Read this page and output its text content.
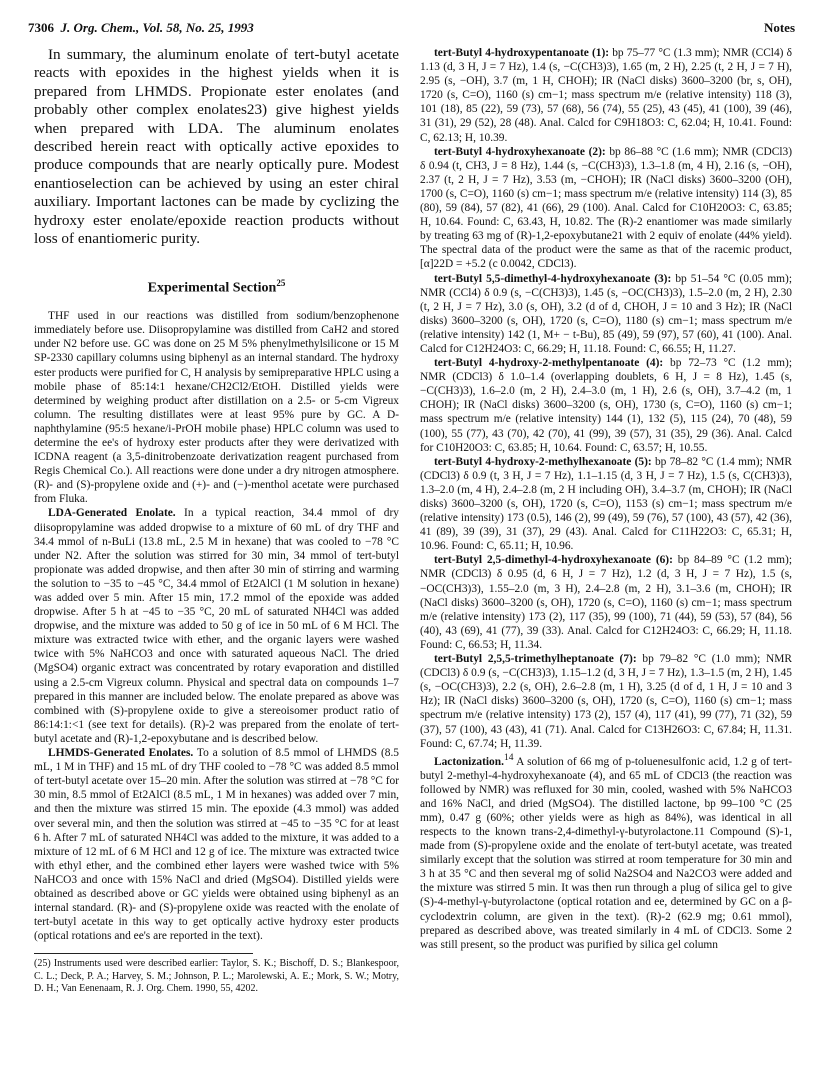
7306 J. Org. Chem., Vol. 58, No. 25, 1993	Notes

In summary, the aluminum enolate of tert-butyl acetate reacts with epoxides in the highest yields when it is prepared from LHMDS. Propionate ester enolates (and probably other complex enolates23) give highest yields when prepared with LDA. The aluminum enolates described herein react with optically active epoxides to produce compounds that are nearly optically pure. Modest enantioselection can be achieved by using an ester chiral auxiliary. Important lactones can be made by cyclizing the hydroxy ester enolate/epoxide reaction products without loss of enantiomeric purity.

Experimental Section$^{25}$

THF used in our reactions was distilled from sodium/benzophenone immediately before use. Diisopropylamine was distilled from CaH2 and stored under N2 before use. GC was done on 25 M 5% phenylmethylsilicone or 15 M SP-2330 capillary columns using biphenyl as an internal standard. The hydroxy ester products were purified for C, H analysis by semipreparative HPLC using a mobile phase of 85:14:1 hexane/CH2Cl2/EtOH. Distilled yields were determined by weighing product after distillation on a 2.5- or 5-cm Vigreux column. The resulting distillates were at least 95% pure by GC. A D-naphthylamine (95:5 hexane/i-PrOH mobile phase) HPLC column was used to determine the ee's of hydroxy ester products after they were derivatized with ICDNA reagent (a 3,5-dinitrobenzoate derivatization reagent purchased from Regis Chemical Co.). All reactions were done under a dry nitrogen atmosphere. (R)- and (S)-propylene oxide and (+)- and (−)-menthol acetate were purchased from Fluka.

LDA-Generated Enolate. In a typical reaction, 34.4 mmol of dry diisopropylamine was added dropwise to a mixture of 60 mL of dry THF and 34.4 mmol of n-BuLi (13.8 mL, 2.5 M in hexane) that was cooled to −78 °C under N2. After the solution was stirred for 30 min, 34 mmol of tert-butyl propionate was added dropwise, and then after 30 min of stirring and warming the solution to −35 to −45 °C, 34.4 mmol of Et2AlCl (1 M solution in hexane) was added over 5 min. After 15 min, 17.2 mmol of the epoxide was added dropwise. After 5 h at −45 to −35 °C, 20 mL of saturated NH4Cl was added dropwise, and the mixture was added to 50 g of ice in 50 mL of 6 M HCl. The mixture was extracted twice with ether, and the organic layers were washed twice with 5% NaHCO3 and once with saturated aqueous NaCl. The dried (MgSO4) organic extract was concentrated by rotary evaporation and distilled using a 2.5-cm Vigreux column. Physical and spectral data on compounds 1–7 prepared in this manner are included below. The enolate prepared as above was combined with (S)-propylene oxide to give a stereoisomer product ratio of 86:14:1:<1 (see text for details). (R)-2 was prepared from the enolate of tert-butyl acetate and (R)-1,2-epoxybutane and is described below.

LHMDS-Generated Enolates. To a solution of 8.5 mmol of LHMDS (8.5 mL, 1 M in THF) and 15 mL of dry THF cooled to −78 °C was added 8.5 mmol of tert-butyl acetate over 15–20 min. After the solution was stirred at −78 °C for 30 min, 8.5 mmol of Et2AlCl (8.5 mL, 1 M in hexanes) was added over 7 min, and then the mixture was stirred 15 min. The epoxide (4.3 mmol) was added over several min, and then the solution was stirred at −45 to −35 °C for at least 6 h. After 7 mL of saturated NH4Cl was added to the mixture, it was added to a mixture of 12 mL of 6 M HCl and 12 g of ice. The mixture was extracted twice with ethyl ether, and the combined ether layers were washed twice with 5% NaHCO3 and once with 15% NaCl and dried (MgSO4). Distilled yields were obtained as described above or GC yields were obtained using biphenyl as an internal standard. (R)- and (S)-propylene oxide was reacted with the enolate of tert-butyl acetate in this way to get optically active hydroxy ester products (optical rotations and ee's are reported in the text).

(25) Instruments used were described earlier: Taylor, S. K.; Bischoff, D. S.; Blankespoor, C. L.; Deck, P. A.; Harvey, S. M.; Johnson, P. L.; Marolewski, A. E.; Mork, S. W.; Motry, D. H.; Van Eenenaam, R. J. Org. Chem. 1990, 55, 4202.

tert-Butyl 4-hydroxypentanoate (1): bp 75–77 °C (1.3 mm); NMR (CCl4) δ 1.13 (d, 3 H, J = 7 Hz), 1.4 (s, −C(CH3)3), 1.65 (m, 2 H), 2.25 (t, 2 H, J = 7 H), 2.95 (s, −OH), 3.7 (m, 1 H, CHOH); IR (NaCl disks) 3600–3200 (br, s, OH), 1720 (s, C=O), 1160 (s) cm−1; mass spectrum m/e (relative intensity) 118 (3), 101 (18), 85 (22), 59 (73), 57 (68), 56 (74), 55 (25), 43 (45), 41 (100), 39 (46), 31 (31), 29 (52), 28 (48). Anal. Calcd for C9H18O3: C, 62.04; H, 10.41. Found: C, 62.13; H, 10.39.

tert-Butyl 4-hydroxyhexanoate (2): bp 86–88 °C (1.6 mm); NMR (CDCl3) δ 0.94 (t, CH3, J = 8 Hz), 1.44 (s, −C(CH3)3), 1.3–1.8 (m, 4 H), 2.16 (s, −OH), 2.37 (t, 2 H, J = 7 Hz), 3.53 (m, −CHOH); IR (NaCl disks) 3600–3200 (OH), 1700 (s, C=O), 1160 (s) cm−1; mass spectrum m/e (relative intensity) 114 (3), 85 (80), 59 (84), 57 (82), 41 (66), 29 (100). Anal. Calcd for C10H20O3: C, 63.85; H, 10.64. Found: C, 63.43, H, 10.82. The (R)-2 enantiomer was made similarly by treating 63 mg of (R)-1,2-epoxybutane21 with 2 equiv of enolate (44% yield). The spectral data of the product were the same as that of the racemic product, [α]22D = +5.2 (c 0.0042, CDCl3).

tert-Butyl 5,5-dimethyl-4-hydroxyhexanoate (3): bp 51–54 °C (0.05 mm); NMR (CCl4) δ 0.9 (s, −C(CH3)3), 1.45 (s, −OC(CH3)3), 1.5–2.0 (m, 2 H), 2.30 (t, 2 H, J = 7 Hz), 3.0 (s, OH), 3.2 (d of d, CHOH, J = 10 and 3 Hz); IR (NaCl disks) 3600–3200 (s, OH), 1720 (s, C=O), 1180 (s) cm−1; mass spectrum m/e (relative intensity) 142 (1, M+ − t-Bu), 85 (49), 59 (97), 57 (60), 41 (100). Anal. Calcd for C12H24O3: C, 66.29; H, 11.18. Found: C, 66.55; H, 11.27.

tert-Butyl 4-hydroxy-2-methylpentanoate (4): bp 72–73 °C (1.2 mm); NMR (CDCl3) δ 1.0–1.4 (overlapping doublets, 6 H, J = 8 Hz), 1.45 (s, −C(CH3)3), 1.6–2.0 (m, 2 H), 2.4–3.0 (m, 1 H), 2.6 (s, OH), 3.7–4.2 (m, 1 CHOH); IR (NaCl disks) 3600–3200 (s, OH), 1730 (s, C=O), 1160 (s) cm−1; mass spectrum m/e (relative intensity) 144 (1), 132 (5), 115 (24), 70 (48), 59 (100), 55 (77), 43 (70), 42 (70), 41 (99), 39 (57), 31 (35), 29 (36). Anal. Calcd for C10H20O3: C, 63.85; H, 10.64. Found: C, 63.57; H, 10.55.

tert-Butyl 4-hydroxy-2-methylhexanoate (5): bp 78–82 °C (1.4 mm); NMR (CDCl3) δ 0.9 (t, 3 H, J = 7 Hz), 1.1–1.15 (d, 3 H, J = 7 Hz), 1.5 (s, C(CH3)3), 1.3–2.0 (m, 4 H), 2.4–2.8 (m, 2 H including OH), 3.4–3.7 (m, CHOH); IR (NaCl disks) 3600–3200 (s, OH), 1720 (s, C=O), 1153 (s) cm−1; mass spectrum m/e (relative intensity) 173 (0.5), 146 (2), 99 (49), 59 (76), 57 (100), 43 (57), 42 (36), 41 (89), 39 (39), 31 (37), 29 (43). Anal. Calcd for C11H22O3: C, 65.31; H, 10.96. Found: C, 65.11; H, 10.96.

tert-Butyl 2,5-dimethyl-4-hydroxyhexanoate (6): bp 84–89 °C (1.2 mm); NMR (CDCl3) δ 0.95 (d, 6 H, J = 7 Hz), 1.2 (d, 3 H, J = 7 Hz), 1.5 (s, −OC(CH3)3), 1.55–2.0 (m, 3 H), 2.4–2.8 (m, 2 H), 3.1–3.6 (m, CHOH); IR (NaCl disks) 3600–3200 (s, OH), 1720 (s, C=O), 1160 (s) cm−1; mass spectrum m/e (relative intensity) 173 (2), 117 (35), 99 (100), 71 (44), 59 (53), 57 (84), 56 (40), 43 (69), 41 (77), 39 (33). Anal. Calcd for C12H24O3: C, 66.29; H, 11.18. Found: C, 66.53; H, 11.34.

tert-Butyl 2,5,5-trimethylheptanoate (7): bp 79–82 °C (1.0 mm); NMR (CDCl3) δ 0.9 (s, −C(CH3)3), 1.15–1.2 (d, 3 H, J = 7 Hz), 1.3–1.5 (m, 2 H), 1.45 (s, −OC(CH3)3), 2.2 (s, OH), 2.6–2.8 (m, 1 H), 3.25 (d of d, 1 H, J = 10 and 3 Hz); IR (NaCl disks) 3600–3200 (s, OH), 1720 (s, C=O), 1160 (s) cm−1; mass spectrum m/e (relative intensity) 173 (2), 157 (4), 117 (41), 99 (77), 71 (32), 59 (37), 57 (100), 43 (43), 41 (71). Anal. Calcd for C13H26O3: C, 67.84; H, 11.31. Found: C, 67.74; H, 11.39.

Lactonization.$^{14}$ A solution of 66 mg of p-toluenesulfonic acid, 1.2 g of tert-butyl 2-methyl-4-hydroxyhexanoate (4), and 65 mL of CDCl3 (the reaction was followed by NMR) was refluxed for 30 min, cooled, washed with 5% NaHCO3 and 16% NaCl, and dried (MgSO4). The distilled lactone, bp 99–100 °C (25 mm), 0.47 g (60%; other yields were as high as 84%), was identical in all respects to the known trans-2,4-dimethyl-γ-butyrolactone.11 Compound (S)-1, made from (S)-propylene oxide and the enolate of tert-butyl acetate, was treated similarly except that the solution was stirred at room temperature for 30 min and 3 h at 35 °C and then several mg of solid Na2SO4 and Na2CO3 were added and the mixture was stirred 5 min. It was then run through a plug of silica gel to give (S)-4-methyl-γ-butyrolactone (optical rotation and ee, determined by GC on a β-cyclodextrin column, are given in the text). (R)-2 (62.9 mg; 0.61 mmol), prepared as described above, was treated similarly in 4 mL of CDCl3. Some 2 was still present, so the product was purified by silica gel column
